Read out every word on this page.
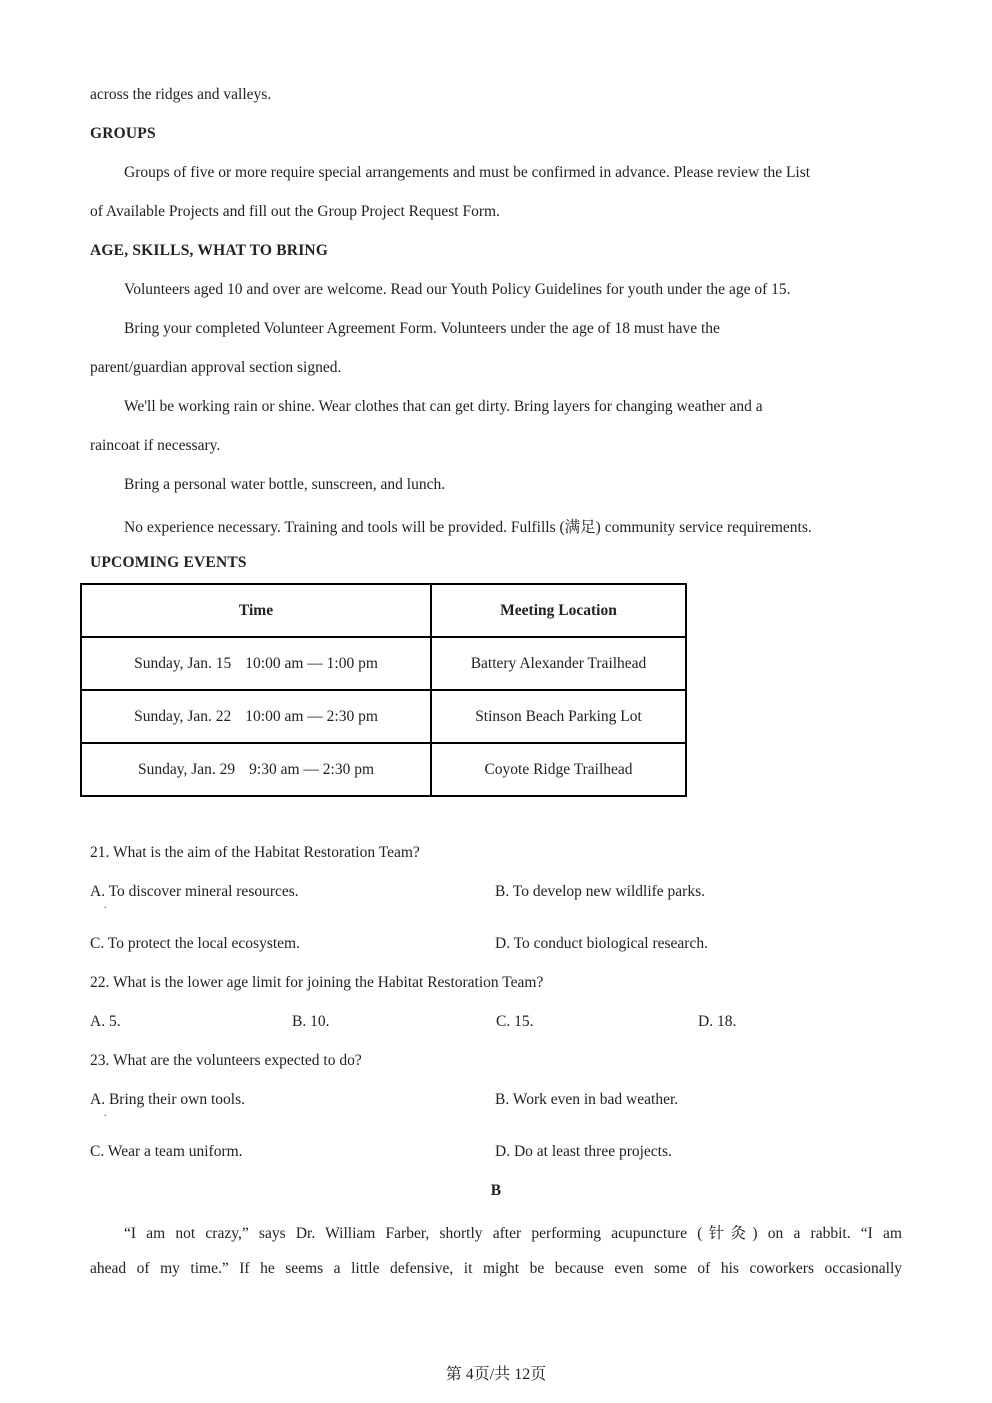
across the ridges and valleys.
GROUPS
Groups of five or more require special arrangements and must be confirmed in advance. Please review the List
of Available Projects and fill out the Group Project Request Form.
AGE, SKILLS, WHAT TO BRING
Volunteers aged 10 and over are welcome. Read our Youth Policy Guidelines for youth under the age of 15.
Bring your completed Volunteer Agreement Form. Volunteers under the age of 18 must have the
parent/guardian approval section signed.
We'll be working rain or shine. Wear clothes that can get dirty. Bring layers for changing weather and a
raincoat if necessary.
Bring a personal water bottle, sunscreen, and lunch.
No experience necessary. Training and tools will be provided. Fulfills (满足) community service requirements.
UPCOMING EVENTS
Time	Meeting Location
Sunday, Jan. 15 10:00 am — 1:00 pm	Battery Alexander Trailhead
Sunday, Jan. 22 10:00 am — 2:30 pm	Stinson Beach Parking Lot
Sunday, Jan. 29 9:30 am — 2:30 pm	Coyote Ridge Trailhead
21. What is the aim of the Habitat Restoration Team?
A. To discover mineral resources.
.
B. To develop new wildlife parks.
C. To protect the local ecosystem.	D. To conduct biological research.
22. What is the lower age limit for joining the Habitat Restoration Team?
A. 5.	B. 10.	C. 15.	D. 18.
23. What are the volunteers expected to do?
A. Bring their own tools.
.
B. Work even in bad weather.
C. Wear a team uniform.	D. Do at least three projects.
B
“I am not crazy,” says Dr. William Farber, shortly after performing acupuncture (针灸) on a rabbit. “I am
ahead of my time.” If he seems a little defensive, it might be because even some of his coworkers occasionally
第 4页/共 12页
